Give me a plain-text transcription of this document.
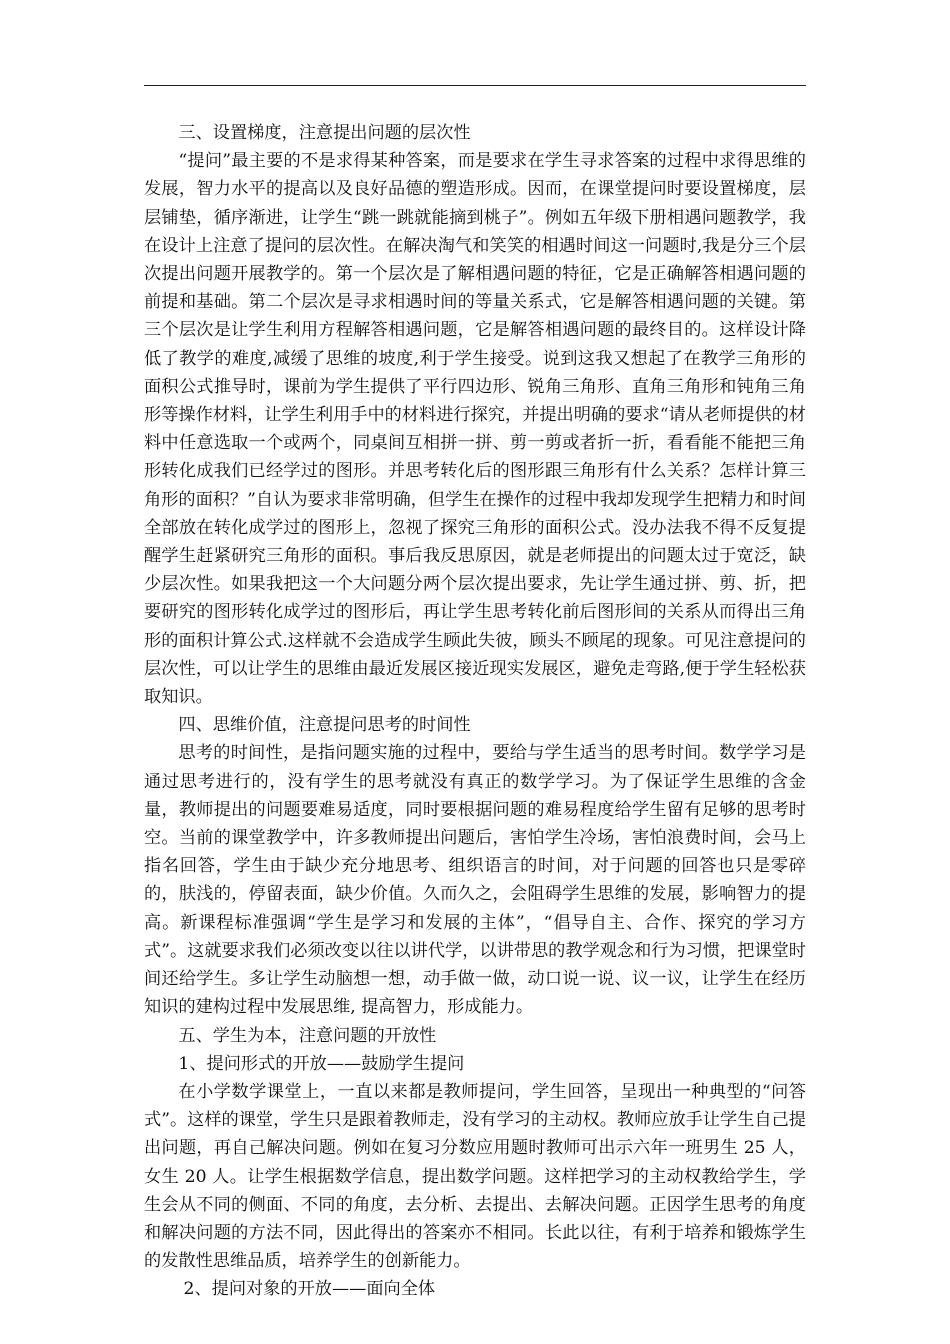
三、设置梯度，注意提出问题的层次性

“提问”最主要的不是求得某种答案，而是要求在学生寻求答案的过程中求得思维的发展，智力水平的提高以及良好品德的塑造形成。因而，在课堂提问时要设置梯度，层层铺垫，循序渐进，让学生“跳一跳就能摘到桃子”。例如五年级下册相遇问题教学，我在设计上注意了提问的层次性。在解决淘气和笑笑的相遇时间这一问题时,我是分三个层次提出问题开展教学的。第一个层次是了解相遇问题的特征，它是正确解答相遇问题的前提和基础。第二个层次是寻求相遇时间的等量关系式，它是解答相遇问题的关键。第三个层次是让学生利用方程解答相遇问题，它是解答相遇问题的最终目的。这样设计降低了教学的难度,减缓了思维的坡度,利于学生接受。说到这我又想起了在教学三角形的面积公式推导时，课前为学生提供了平行四边形、锐角三角形、直角三角形和钝角三角形等操作材料，让学生利用手中的材料进行探究，并提出明确的要求“请从老师提供的材料中任意选取一个或两个，同桌间互相拼一拼、剪一剪或者折一折，看看能不能把三角形转化成我们已经学过的图形。并思考转化后的图形跟三角形有什么关系？怎样计算三角形的面积？”自认为要求非常明确，但学生在操作的过程中我却发现学生把精力和时间全部放在转化成学过的图形上，忽视了探究三角形的面积公式。没办法我不得不反复提醒学生赶紧研究三角形的面积。事后我反思原因，就是老师提出的问题太过于宽泛，缺少层次性。如果我把这一个大问题分两个层次提出要求，先让学生通过拼、剪、折，把要研究的图形转化成学过的图形后，再让学生思考转化前后图形间的关系从而得出三角形的面积计算公式.这样就不会造成学生顾此失彼，顾头不顾尾的现象。可见注意提问的层次性，可以让学生的思维由最近发展区接近现实发展区，避免走弯路,便于学生轻松获取知识。

四、思维价值，注意提问思考的时间性

思考的时间性，是指问题实施的过程中，要给与学生适当的思考时间。数学学习是通过思考进行的，没有学生的思考就没有真正的数学学习。为了保证学生思维的含金量，教师提出的问题要难易适度，同时要根据问题的难易程度给学生留有足够的思考时空。当前的课堂教学中，许多教师提出问题后，害怕学生冷场，害怕浪费时间，会马上指名回答，学生由于缺少充分地思考、组织语言的时间，对于问题的回答也只是零碎的，肤浅的，停留表面，缺少价值。久而久之，会阻碍学生思维的发展，影响智力的提高。新课程标准强调“学生是学习和发展的主体”，“倡导自主、合作、探究的学习方式”。这就要求我们必须改变以往以讲代学，以讲带思的教学观念和行为习惯，把课堂时间还给学生。多让学生动脑想一想，动手做一做，动口说一说、议一议，让学生在经历知识的建构过程中发展思维, 提高智力，形成能力。

五、学生为本，注意问题的开放性

1、提问形式的开放——鼓励学生提问

在小学数学课堂上，一直以来都是教师提问，学生回答，呈现出一种典型的“问答式”。这样的课堂，学生只是跟着教师走，没有学习的主动权。教师应放手让学生自己提出问题，再自己解决问题。例如在复习分数应用题时教师可出示六年一班男生 25 人，女生 20 人。让学生根据数学信息，提出数学问题。这样把学习的主动权教给学生，学生会从不同的侧面、不同的角度，去分析、去提出、去解决问题。正因学生思考的角度和解决问题的方法不同，因此得出的答案亦不相同。长此以往，有利于培养和锻炼学生的发散性思维品质，培养学生的创新能力。

2、提问对象的开放——面向全体
